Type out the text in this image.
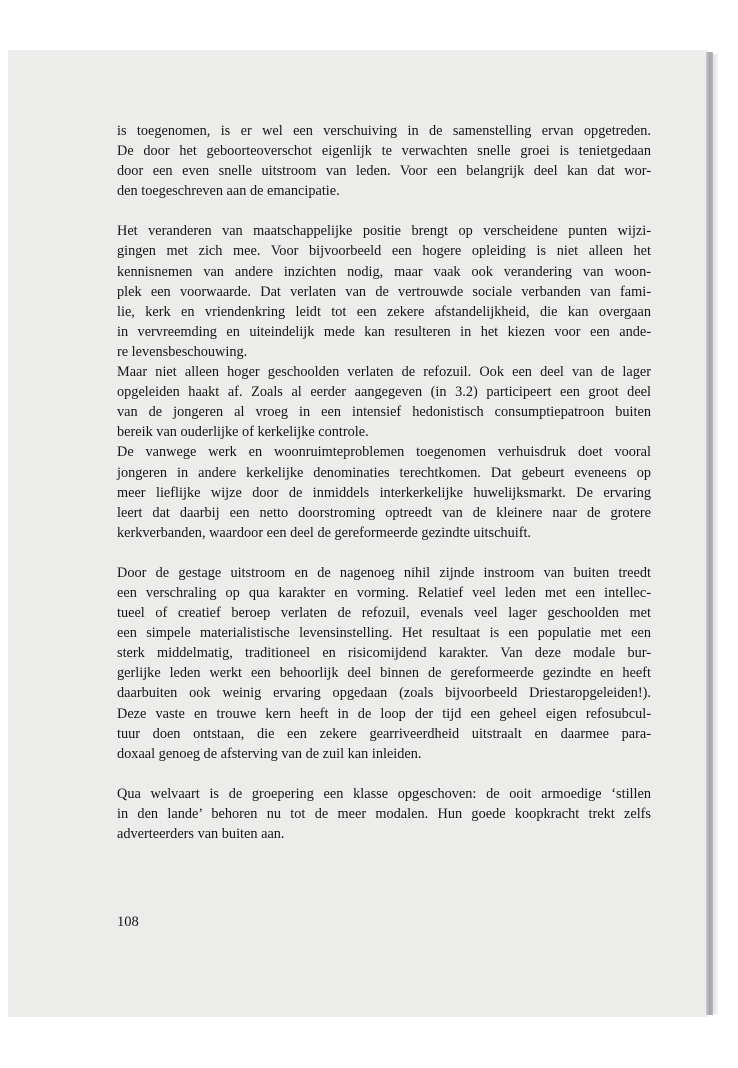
is toegenomen, is er wel een verschuiving in de samenstelling ervan opgetreden.
De door het geboorteoverschot eigenlijk te verwachten snelle groei is tenietgedaan
door een even snelle uitstroom van leden. Voor een belangrijk deel kan dat wor-
den toegeschreven aan de emancipatie.

Het veranderen van maatschappelijke positie brengt op verscheidene punten wijzi-
gingen met zich mee. Voor bijvoorbeeld een hogere opleiding is niet alleen het
kennisnemen van andere inzichten nodig, maar vaak ook verandering van woon-
plek een voorwaarde. Dat verlaten van de vertrouwde sociale verbanden van fami-
lie, kerk en vriendenkring leidt tot een zekere afstandelijkheid, die kan overgaan
in vervreemding en uiteindelijk mede kan resulteren in het kiezen voor een ande-
re levensbeschouwing.

Maar niet alleen hoger geschoolden verlaten de refozuil. Ook een deel van de lager
opgeleiden haakt af. Zoals al eerder aangegeven (in 3.2) participeert een groot deel
van de jongeren al vroeg in een intensief hedonistisch consumptiepatroon buiten
bereik van ouderlijke of kerkelijke controle.

De vanwege werk en woonruimteproblemen toegenomen verhuisdruk doet vooral
jongeren in andere kerkelijke denominaties terechtkomen. Dat gebeurt eveneens op
meer lieflijke wijze door de inmiddels interkerkelijke huwelijksmarkt. De ervaring
leert dat daarbij een netto doorstroming optreedt van de kleinere naar de grotere
kerkverbanden, waardoor een deel de gereformeerde gezindte uitschuift.

Door de gestage uitstroom en de nagenoeg nihil zijnde instroom van buiten treedt
een verschraling op qua karakter en vorming. Relatief veel leden met een intellec-
tueel of creatief beroep verlaten de refozuil, evenals veel lager geschoolden met
een simpele materialistische levensinstelling. Het resultaat is een populatie met een
sterk middelmatig, traditioneel en risicomijdend karakter. Van deze modale bur-
gerlijke leden werkt een behoorlijk deel binnen de gereformeerde gezindte en heeft
daarbuiten ook weinig ervaring opgedaan (zoals bijvoorbeeld Driestaropgeleiden!).
Deze vaste en trouwe kern heeft in de loop der tijd een geheel eigen refosubcul-
tuur doen ontstaan, die een zekere gearriveerdheid uitstraalt en daarmee para-
doxaal genoeg de afsterving van de zuil kan inleiden.

Qua welvaart is de groepering een klasse opgeschoven: de ooit armoedige ‘stillen
in den lande’ behoren nu tot de meer modalen. Hun goede koopkracht trekt zelfs
adverteerders van buiten aan.

108
